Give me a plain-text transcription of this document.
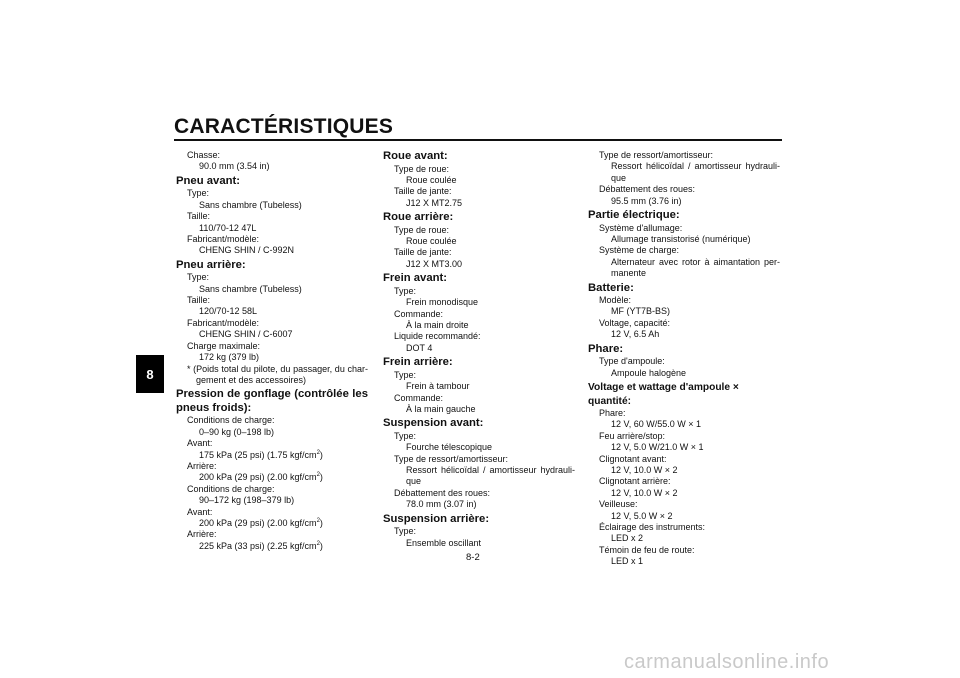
CARACTÉRISTIQUES
8
Chasse:
90.0 mm (3.54 in)
Pneu avant:
Type:
Sans chambre (Tubeless)
Taille:
110/70-12 47L
Fabricant/modèle:
CHENG SHIN / C-992N
Pneu arrière:
Type:
Sans chambre (Tubeless)
Taille:
120/70-12 58L
Fabricant/modèle:
CHENG SHIN / C-6007
Charge maximale:
172 kg (379 lb)
* (Poids total du pilote, du passager, du char-gement et des accessoires)
Pression de gonflage (contrôlée les
pneus froids):
Conditions de charge:
0–90 kg (0–198 lb)
Avant:
175 kPa (25 psi) (1.75 kgf/$cm^2$)
Arrière:
200 kPa (29 psi) (2.00 kgf/$cm^2$)
Conditions de charge:
90–172 kg (198–379 lb)
Avant:
200 kPa (29 psi) (2.00 kgf/$cm^2$)
Arrière:
225 kPa (33 psi) (2.25 kgf/$cm^2$)
Roue avant:
Type de roue:
Roue coulée
Taille de jante:
J12 X MT2.75
Roue arrière:
Type de roue:
Roue coulée
Taille de jante:
J12 X MT3.00
Frein avant:
Type:
Frein monodisque
Commande:
À la main droite
Liquide recommandé:
DOT 4
Frein arrière:
Type:
Frein à tambour
Commande:
À la main gauche
Suspension avant:
Type:
Fourche télescopique
Type de ressort/amortisseur:
Ressort hélicoïdal / amortisseur hydrauli-que
Débattement des roues:
78.0 mm (3.07 in)
Suspension arrière:
Type:
Ensemble oscillant
Type de ressort/amortisseur:
Ressort hélicoïdal / amortisseur hydrauli-que
Débattement des roues:
95.5 mm (3.76 in)
Partie électrique:
Système d'allumage:
Allumage transistorisé (numérique)
Système de charge:
Alternateur avec rotor à aimantation per-manente
Batterie:
Modèle:
MF (YT7B-BS)
Voltage, capacité:
12 V, 6.5 Ah
Phare:
Type d'ampoule:
Ampoule halogène
Voltage et wattage d'ampoule × quantité:
Phare:
12 V, 60 W/55.0 W × 1
Feu arrière/stop:
12 V, 5.0 W/21.0 W × 1
Clignotant avant:
12 V, 10.0 W × 2
Clignotant arrière:
12 V, 10.0 W × 2
Veilleuse:
12 V, 5.0 W × 2
Éclairage des instruments:
LED x 2
Témoin de feu de route:
LED x 1
8-2
carmanualsonline.info
